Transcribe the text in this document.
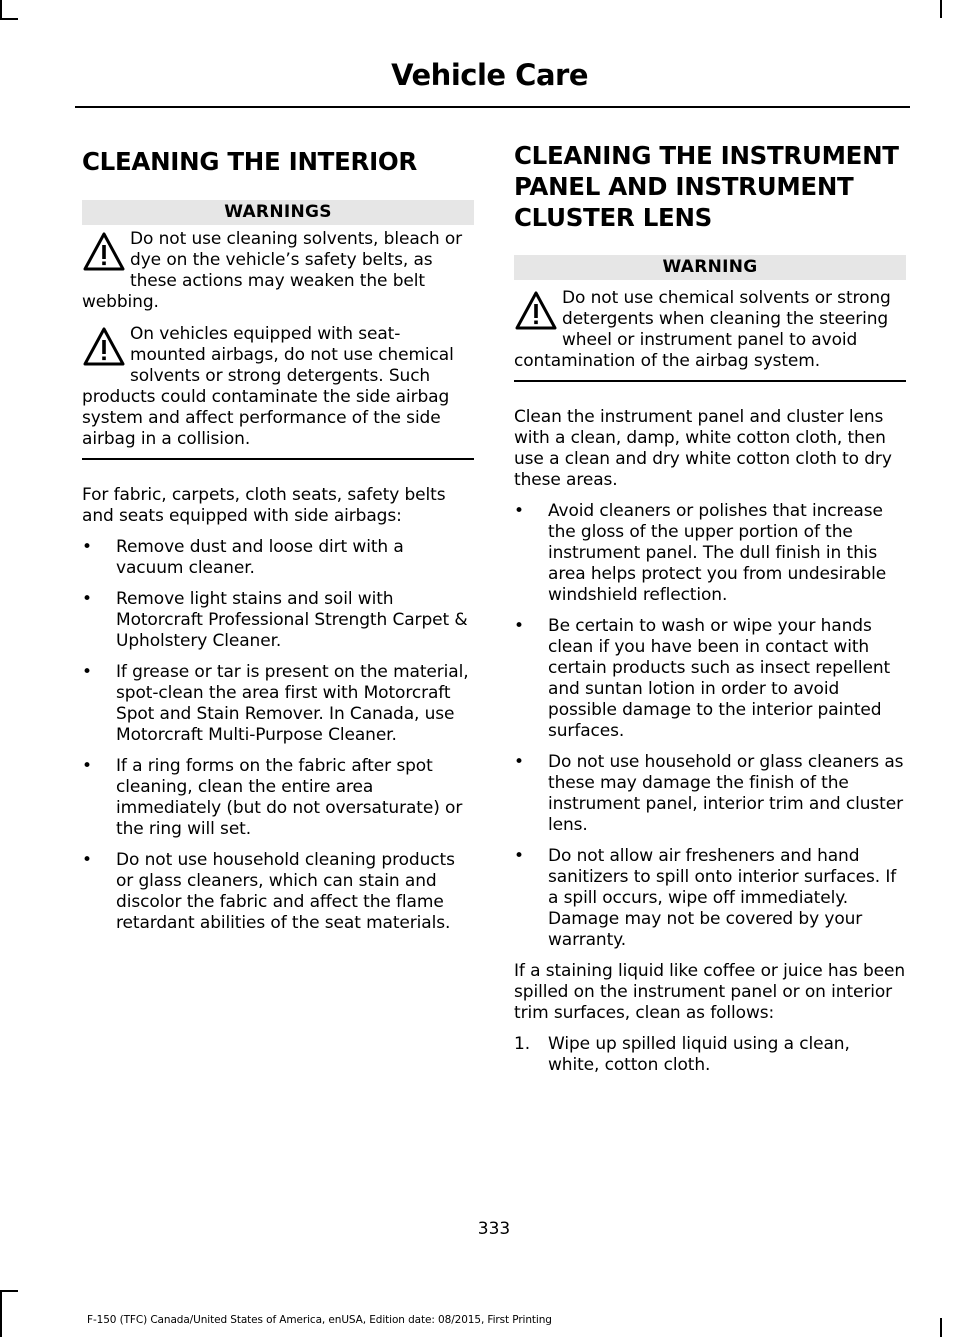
Vehicle Care
CLEANING THE INTERIOR
WARNINGS
Do not use cleaning solvents, bleach or dye on the vehicle’s safety belts, as these actions may weaken the belt webbing.
On vehicles equipped with seat-mounted airbags, do not use chemical solvents or strong detergents. Such products could contaminate the side airbag system and affect performance of the side airbag in a collision.

For fabric, carpets, cloth seats, safety belts and seats equipped with side airbags:

• Remove dust and loose dirt with a vacuum cleaner.
• Remove light stains and soil with Motorcraft Professional Strength Carpet & Upholstery Cleaner.
• If grease or tar is present on the material, spot-clean the area first with Motorcraft Spot and Stain Remover. In Canada, use Motorcraft Multi-Purpose Cleaner.
• If a ring forms on the fabric after spot cleaning, clean the entire area immediately (but do not oversaturate) or the ring will set.
• Do not use household cleaning products or glass cleaners, which can stain and discolor the fabric and affect the flame retardant abilities of the seat materials.
CLEANING THE INSTRUMENT PANEL AND INSTRUMENT CLUSTER LENS
WARNING
Do not use chemical solvents or strong detergents when cleaning the steering wheel or instrument panel to avoid contamination of the airbag system.

Clean the instrument panel and cluster lens with a clean, damp, white cotton cloth, then use a clean and dry white cotton cloth to dry these areas.

• Avoid cleaners or polishes that increase the gloss of the upper portion of the instrument panel. The dull finish in this area helps protect you from undesirable windshield reflection.
• Be certain to wash or wipe your hands clean if you have been in contact with certain products such as insect repellent and suntan lotion in order to avoid possible damage to the interior painted surfaces.
• Do not use household or glass cleaners as these may damage the finish of the instrument panel, interior trim and cluster lens.
• Do not allow air fresheners and hand sanitizers to spill onto interior surfaces. If a spill occurs, wipe off immediately. Damage may not be covered by your warranty.

If a staining liquid like coffee or juice has been spilled on the instrument panel or on interior trim surfaces, clean as follows:

1. Wipe up spilled liquid using a clean, white, cotton cloth.
333
F-150 (TFC) Canada/United States of America, enUSA, Edition date: 08/2015, First Printing
